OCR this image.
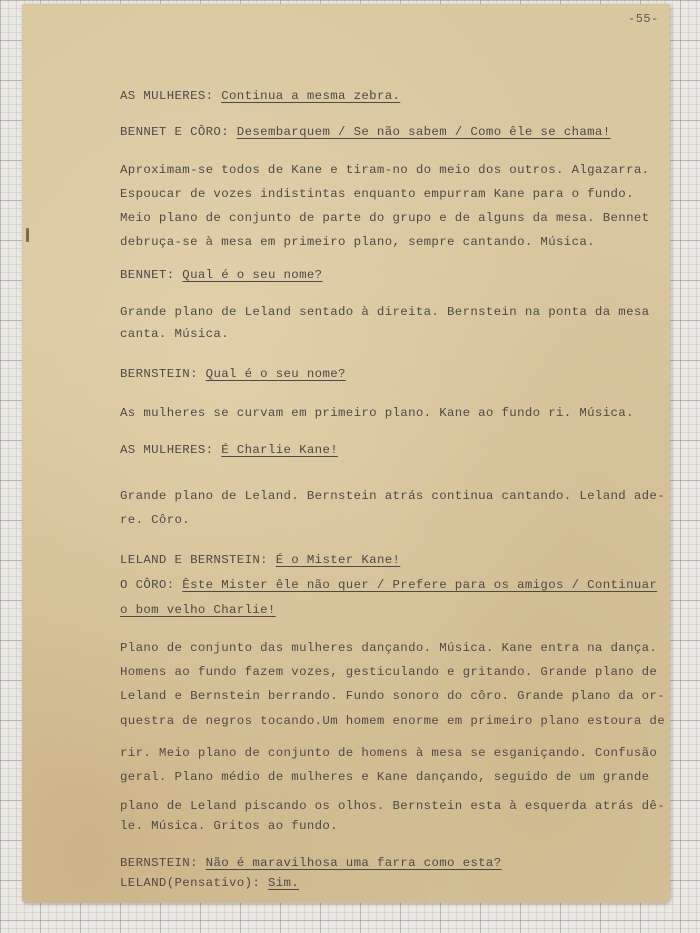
-55-
AS MULHERES: Continua a mesma zebra.
BENNET E CÔRO: Desembarquem / Se não sabem / Como êle se chama!
Aproximam-se todos de Kane e tiram-no do meio dos outros. Algazarra.
Espoucar de vozes indistintas enquanto empurram Kane para o fundo.
Meio plano de conjunto de parte do grupo e de alguns da mesa. Bennet
debruça-se à mesa em primeiro plano, sempre cantando. Música.
BENNET: Qual é o seu nome?
Grande plano de Leland sentado à direita. Bernstein na ponta da mesa
canta. Música.
BERNSTEIN: Qual é o seu nome?
As mulheres se curvam em primeiro plano. Kane ao fundo ri. Música.
AS MULHERES: É Charlie Kane!
Grande plano de Leland. Bernstein atrás continua cantando. Leland ade-
re. Côro.
LELAND E BERNSTEIN: É o Mister Kane!
O CÔRO: Êste Mister êle não quer / Prefere para os amigos / Continuar
o bom velho Charlie!
Plano de conjunto das mulheres dançando. Música. Kane entra na dança.
Homens ao fundo fazem vozes, gesticulando e gritando. Grande plano de
Leland e Bernstein berrando. Fundo sonoro do côro. Grande plano da or-
questra de negros tocando.Um homem enorme em primeiro plano estoura de
rir. Meio plano de conjunto de homens à mesa se esganiçando. Confusão
geral. Plano médio de mulheres e Kane dançando, seguido de um grande
plano de Leland piscando os olhos. Bernstein esta à esquerda atrás dê-
le. Música. Gritos ao fundo.
BERNSTEIN: Não é maravilhosa uma farra como esta?
LELAND(Pensativo): Sim.
